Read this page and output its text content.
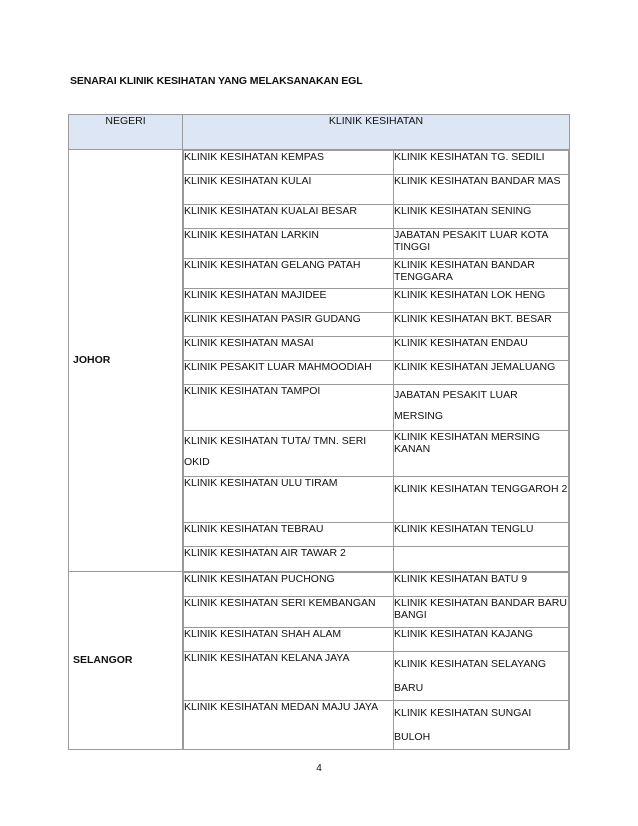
SENARAI KLINIK KESIHATAN YANG MELAKSANAKAN EGL
NEGERI	KLINIK KESIHATAN
JOHOR	
KLINIK KESIHATAN KEMPAS	KLINIK KESIHATAN TG. SEDILI
KLINIK KESIHATAN KULAI	KLINIK KESIHATAN BANDAR MAS
KLINIK KESIHATAN KUALAI BESAR	KLINIK KESIHATAN SENING
KLINIK KESIHATAN LARKIN	JABATAN PESAKIT LUAR KOTA TINGGI
KLINIK KESIHATAN GELANG PATAH	KLINIK KESIHATAN BANDAR TENGGARA
KLINIK KESIHATAN MAJIDEE	KLINIK KESIHATAN LOK HENG
KLINIK KESIHATAN PASIR GUDANG	KLINIK KESIHATAN BKT. BESAR
KLINIK KESIHATAN MASAI	KLINIK KESIHATAN ENDAU
KLINIK PESAKIT LUAR MAHMOODIAH	KLINIK KESIHATAN JEMALUANG
KLINIK KESIHATAN TAMPOI	JABATAN PESAKIT LUAR MERSING
KLINIK KESIHATAN TUTA/ TMN. SERI OKID	KLINIK KESIHATAN MERSING KANAN
KLINIK KESIHATAN ULU TIRAM	KLINIK KESIHATAN TENGGAROH 2
KLINIK KESIHATAN TEBRAU	KLINIK KESIHATAN TENGLU
KLINIK KESIHATAN AIR TAWAR 2	

SELANGOR	
KLINIK KESIHATAN PUCHONG	KLINIK KESIHATAN BATU 9
KLINIK KESIHATAN SERI KEMBANGAN	KLINIK KESIHATAN BANDAR BARU BANGI
KLINIK KESIHATAN SHAH ALAM	KLINIK KESIHATAN KAJANG
KLINIK KESIHATAN KELANA JAYA	KLINIK KESIHATAN SELAYANG BARU
KLINIK KESIHATAN MEDAN MAJU JAYA	KLINIK KESIHATAN SUNGAI BULOH
4
